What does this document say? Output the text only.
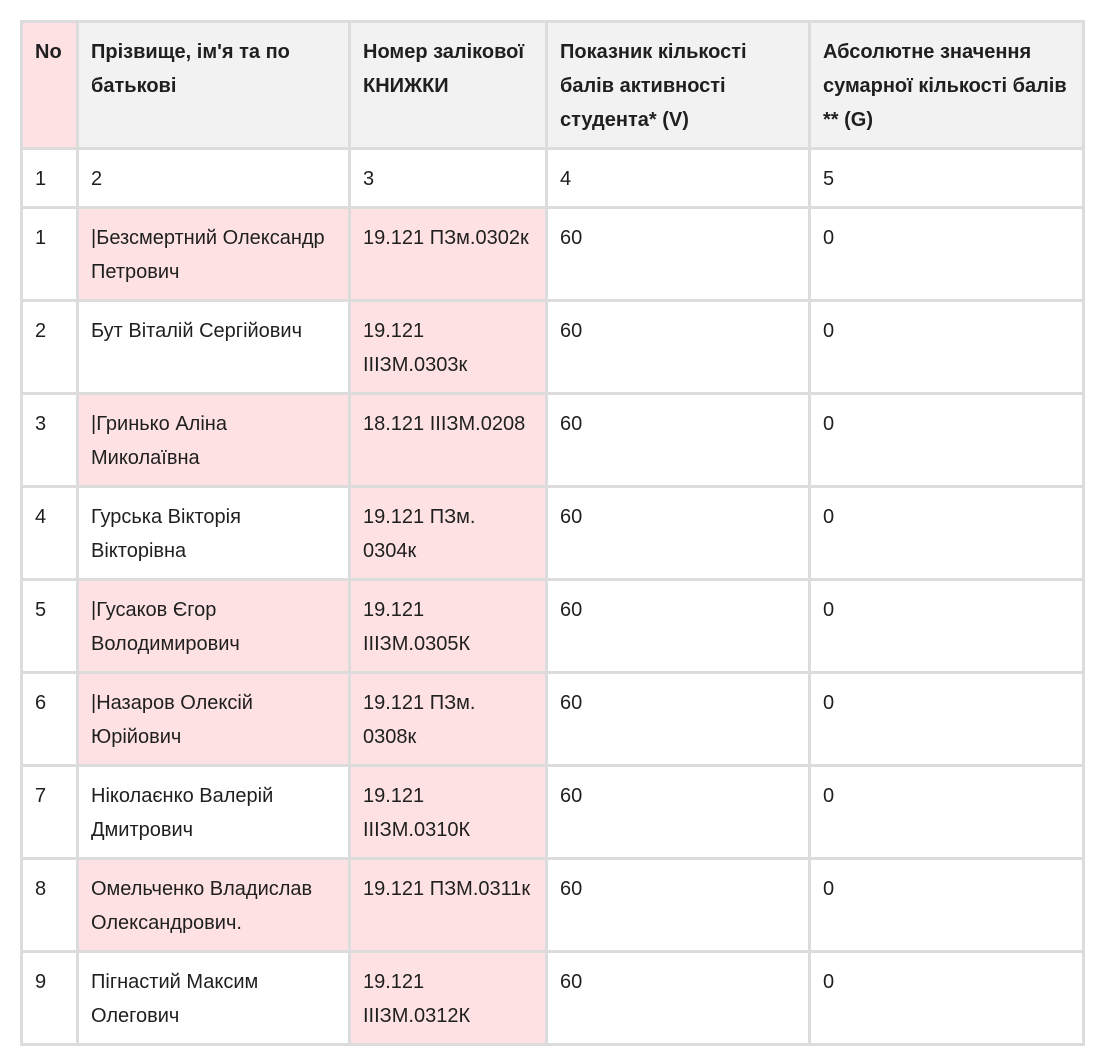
No	Прізвище, ім'я та по батькові	Номер залікової КНИЖКИ	Показник кількості балів активності студента* (V)	Абсолютне значення сумарної кількості балів ** (G)
1	2	3	4	5
1	|Безсмертний Олександр Петрович	19.121 ПЗм.0302к	60	0
2	Бут Віталій Сергійович	19.121 ІІІЗМ.0303к	60	0
3	|Гринько Аліна Миколаївна	18.121 ІІІЗМ.0208	60	0
4	Гурська Вікторія Вікторівна	19.121 ПЗм. 0304к	60	0
5	|Гусаков Єгор Володимирович	19.121 ІІІЗМ.0305К	60	0
6	|Назаров Олексій Юрійович	19.121 ПЗм. 0308к	60	0
7	Ніколаєнко Валерій Дмитрович	19.121 ІІІЗМ.0310К	60	0
8	Омельченко Владислав Олександрович.	19.121 ПЗМ.0311к	60	0
9	Пігнастий Максим Олегович	19.121 ІІІЗМ.0312К	60	0
